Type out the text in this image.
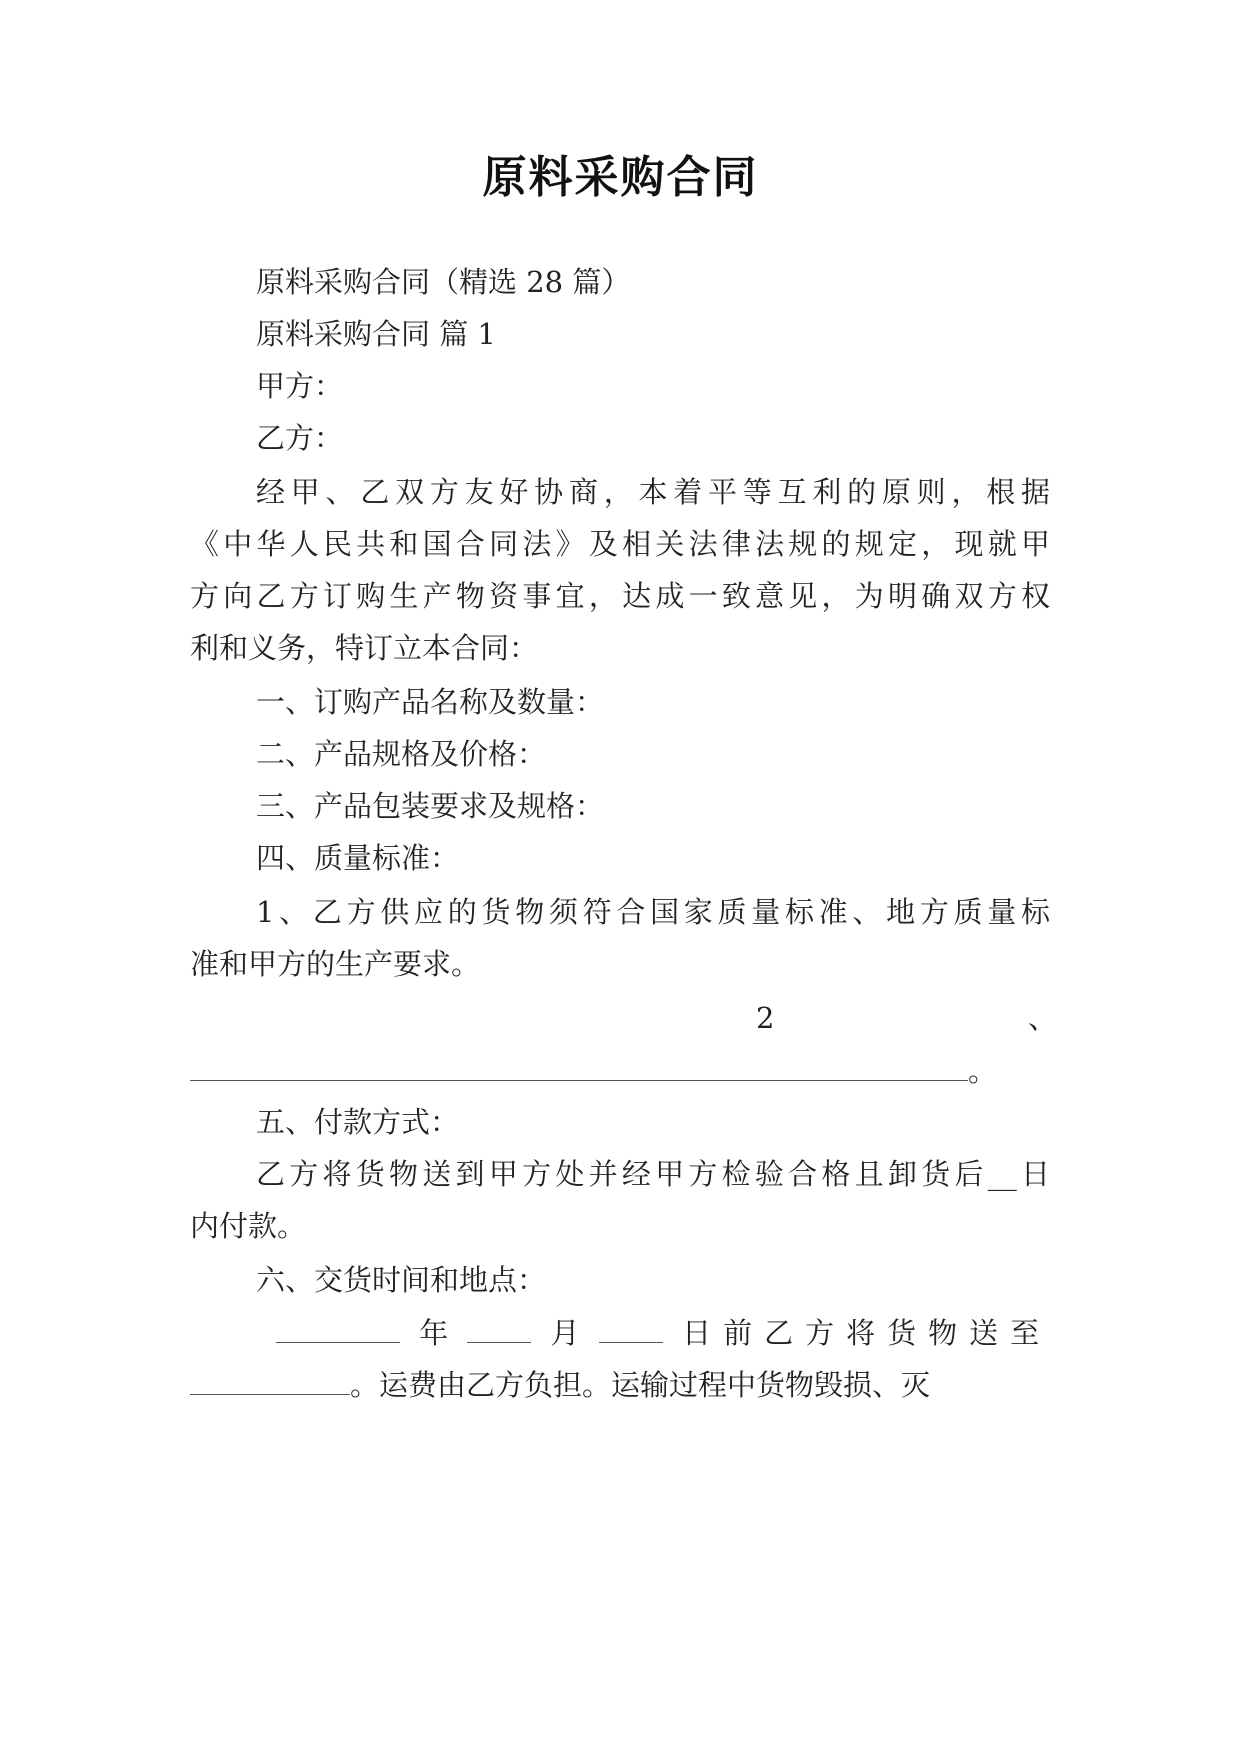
原料采购合同
原料采购合同（精选 28 篇）
原料采购合同 篇 1
甲方：
乙方：
经甲、乙双方友好协商，本着平等互利的原则，根据
《中华人民共和国合同法》及相关法律法规的规定，现就甲
方向乙方订购生产物资事宜，达成一致意见，为明确双方权
利和义务，特订立本合同：
一、订购产品名称及数量：
二、产品规格及价格：
三、产品包装要求及规格：
四、质量标准：
1、乙方供应的货物须符合国家质量标准、地方质量标
准和甲方的生产要求。
2	、
。
五、付款方式：
乙方将货物送到甲方处并经甲方检验合格且卸货后__日
内付款。
六、交货时间和地点：
年	月	日前乙方将货物送至
。运费由乙方负担。运输过程中货物毁损、灭
